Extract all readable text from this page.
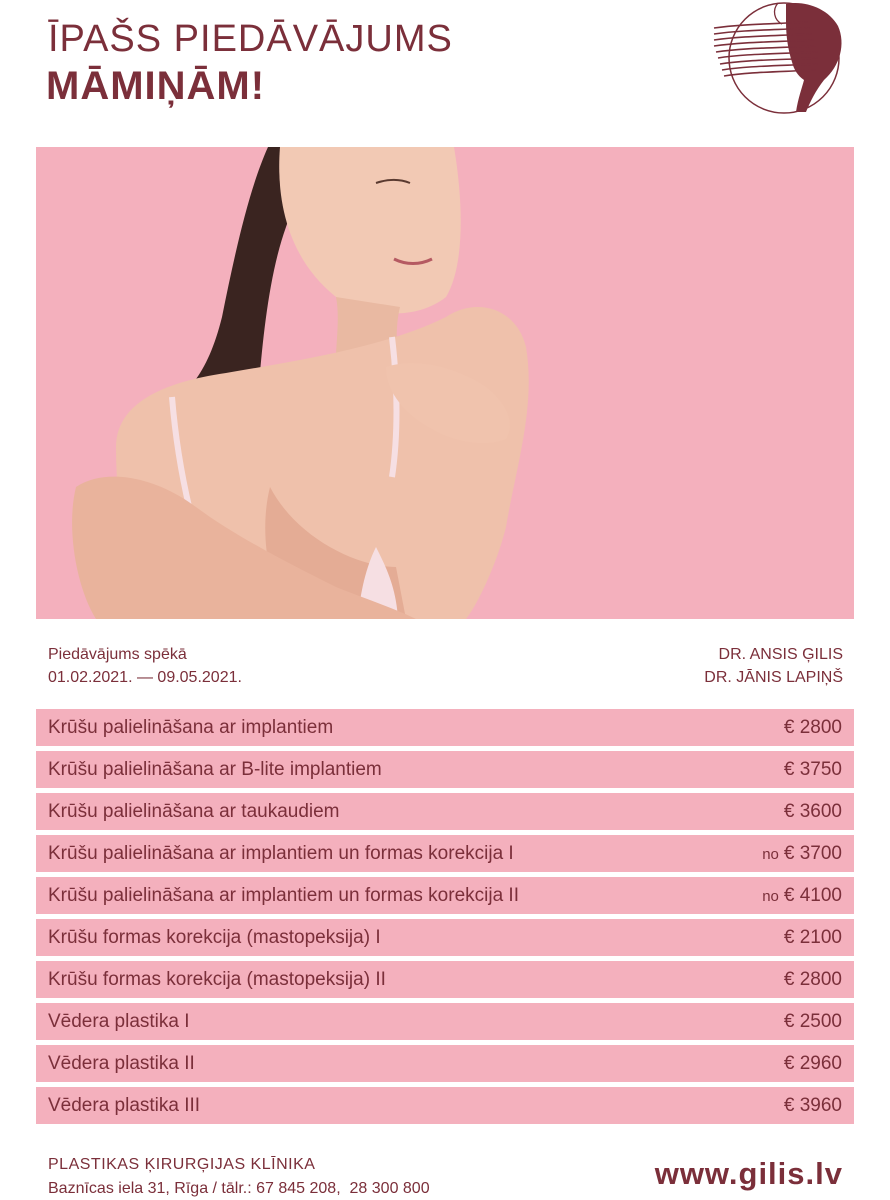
ĪPAŠS PIEDĀVĀJUMS
MĀMIŅĀM!
Piedāvājums spēkā
01.02.2021. — 09.05.2021.
DR. ANSIS ĢILIS
DR. JĀNIS LAPIŅŠ
Krūšu palielināšana ar implantiem	€ 2800
Krūšu palielināšana ar B-lite implantiem	€ 3750
Krūšu palielināšana ar taukaudiem	€ 3600
Krūšu palielināšana ar implantiem un formas korekcija I	no € 3700
Krūšu palielināšana ar implantiem un formas korekcija II	no € 4100
Krūšu formas korekcija (mastopeksija) I	€ 2100
Krūšu formas korekcija (mastopeksija) II	€ 2800
Vēdera plastika I	€ 2500
Vēdera plastika II	€ 2960
Vēdera plastika III	€ 3960
PLASTIKAS ĶIRURĢIJAS KLĪNIKA
Baznīcas iela 31, Rīga / tālr.: 67 845 208,  28 300 800	www.gilis.lv
